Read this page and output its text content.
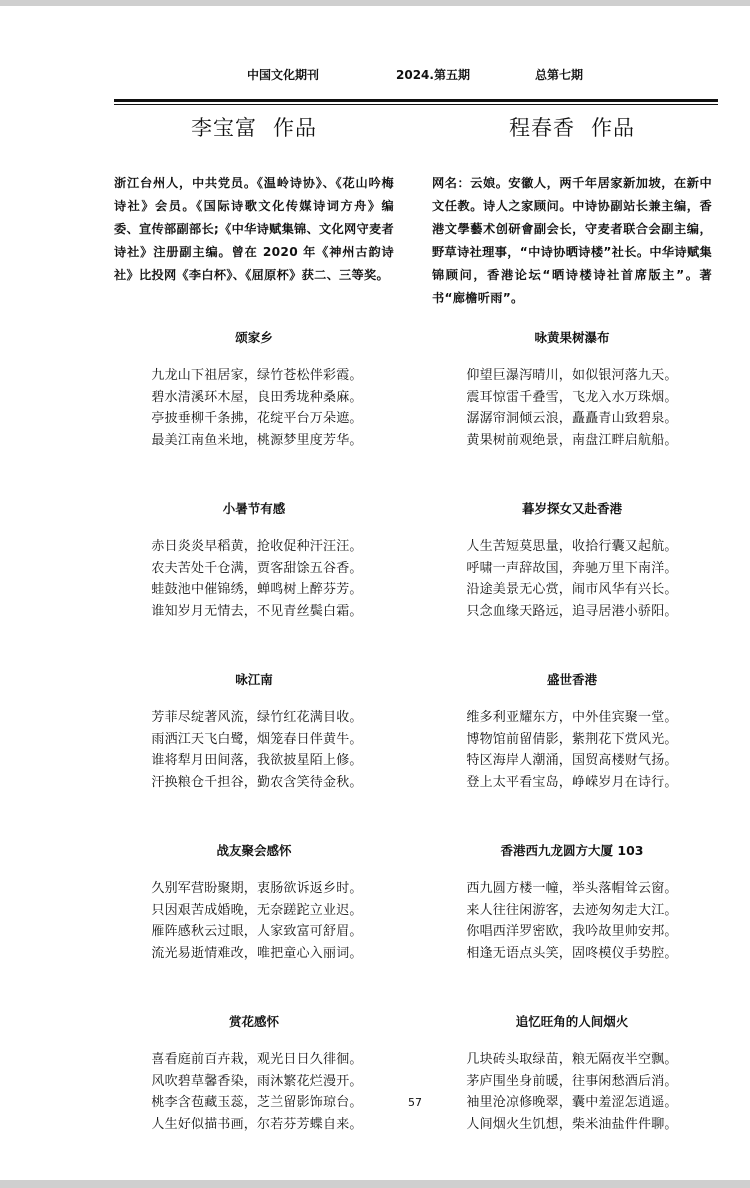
中国文化期刊	2024.第五期	总第七期
李宝富 作品

浙江台州人，中共党员。《温岭诗协》、《花山吟梅诗社》会员。《国际诗歌文化传媒诗词方舟》编委、宣传部副部长;《中华诗赋集锦、文化网守麦者诗社》注册副主编。曾在 2020 年《神州古韵诗社》比投网《李白杯》、《屈原杯》获二、三等奖。

颂家乡
九龙山下祖居家，绿竹苍松伴彩霞。
碧水清溪环木屋，良田秀垅种桑麻。
亭披垂柳千条拂，花绽平台万朵遮。
最美江南鱼米地，桃源梦里度芳华。
小暑节有感
赤日炎炎早稻黄，抢收促种汗汪汪。
农夫苦处千仓满，贾客甜馀五谷香。
蛙鼓池中催锦绣，蝉鸣树上醉芬芳。
谁知岁月无情去，不见青丝鬓白霜。
咏江南
芳菲尽绽著风流，绿竹红花满目收。
雨洒江天飞白鹭，烟笼春日伴黄牛。
谁将犁月田间落，我欲披星陌上修。
汗换粮仓千担谷，勤农含笑待金秋。
战友聚会感怀
久别军营盼聚期，衷肠欲诉返乡时。
只因艰苦成婚晚，无奈蹉跎立业迟。
雁阵感秋云过眼，人家致富可舒眉。
流光易逝情难改，唯把童心入丽词。
赏花感怀
喜看庭前百卉栽，观光日日久徘徊。
风吹碧草馨香染，雨沐繁花烂漫开。
桃李含苞藏玉蕊，芝兰留影饰琼台。
人生好似描书画，尔若芬芳蝶自来。
程春香 作品

网名：云娘。安徽人，两千年居家新加坡，在新中文任教。诗人之家顾问。中诗协副站长兼主编，香港文學藝术创研會副会长，守麦者联合会副主编，野草诗社理事，“中诗协晒诗楼”社长。中华诗赋集锦顾问，香港论坛“晒诗楼诗社首席版主”。著书“廊檐听雨”。

咏黄果树瀑布
仰望巨瀑泻晴川，如似银河落九天。
震耳惊雷千叠雪，飞龙入水万珠烟。
潺潺帘洞倾云浪，矗矗青山致碧泉。
黄果树前观绝景，南盘江畔启航船。
暮岁探女又赴香港
人生苦短莫思量，收拾行囊又起航。
呼啸一声辞故国，奔驰万里下南洋。
沿途美景无心赏，闹市风华有兴长。
只念血缘天路远，追寻居港小骄阳。
盛世香港
维多利亚耀东方，中外佳宾聚一堂。
博物馆前留倩影，紫荆花下赏风光。
特区海岸人潮涌，国贸高楼财气扬。
登上太平看宝岛，峥嵘岁月在诗行。
香港西九龙圆方大厦 103
西九圆方楼一幢，举头落帽耸云窗。
来人往往闲游客，去迹匆匆走大江。
你唱西洋罗密欧，我吟故里帅安邦。
相逢无语点头笑，固咚模仪手势腔。
追忆旺角的人间烟火
几块砖头取绿苗，粮无隔夜半空飘。
茅庐围坐身前暖，往事闲愁酒后消。
袖里沧凉修晚翠，囊中羞涩怎逍遥。
人间烟火生饥想，柴米油盐件件聊。
57
